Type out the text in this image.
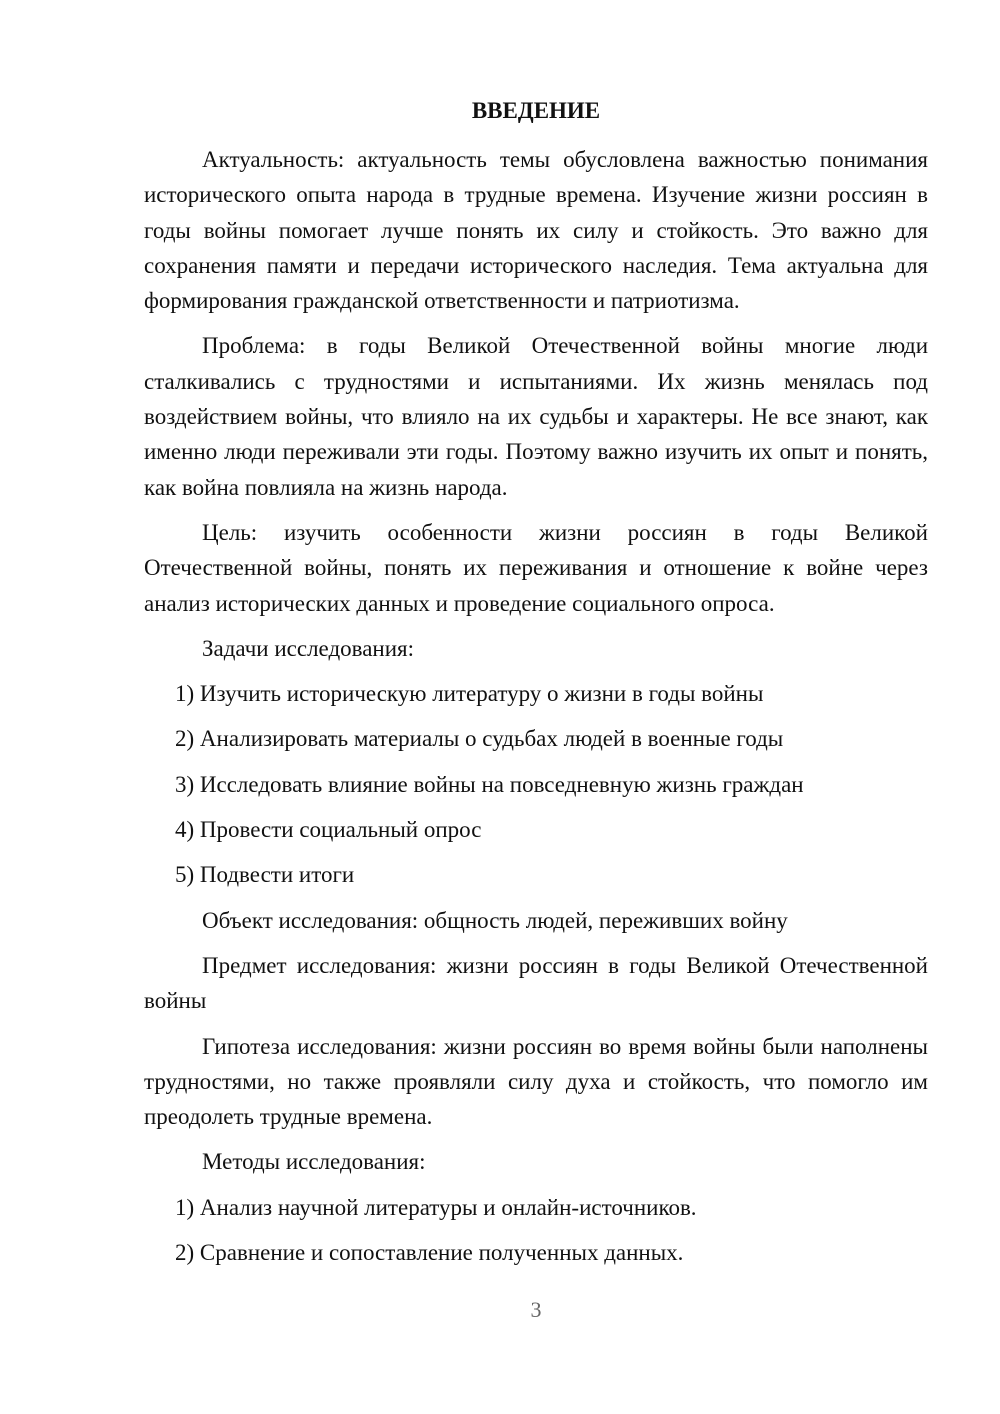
ВВЕДЕНИЕ

Актуальность: актуальность темы обусловлена важностью понимания исторического опыта народа в трудные времена. Изучение жизни россиян в годы войны помогает лучше понять их силу и стойкость. Это важно для сохранения памяти и передачи исторического наследия. Тема актуальна для формирования гражданской ответственности и патриотизма.

Проблема: в годы Великой Отечественной войны многие люди сталкивались с трудностями и испытаниями. Их жизнь менялась под воздействием войны, что влияло на их судьбы и характеры. Не все знают, как именно люди переживали эти годы. Поэтому важно изучить их опыт и понять, как война повлияла на жизнь народа.

Цель: изучить особенности жизни россиян в годы Великой Отечественной войны, понять их переживания и отношение к войне через анализ исторических данных и проведение социального опроса.

Задачи исследования:

1) Изучить историческую литературу о жизни в годы войны
2) Анализировать материалы о судьбах людей в военные годы
3) Исследовать влияние войны на повседневную жизнь граждан
4) Провести социальный опрос
5) Подвести итоги

Объект исследования: общность людей, переживших войну

Предмет исследования: жизни россиян в годы Великой Отечественной войны

Гипотеза исследования: жизни россиян во время войны были наполнены трудностями, но также проявляли силу духа и стойкость, что помогло им преодолеть трудные времена.

Методы исследования:

1) Анализ научной литературы и онлайн-источников.
2) Сравнение и сопоставление полученных данных.
3
